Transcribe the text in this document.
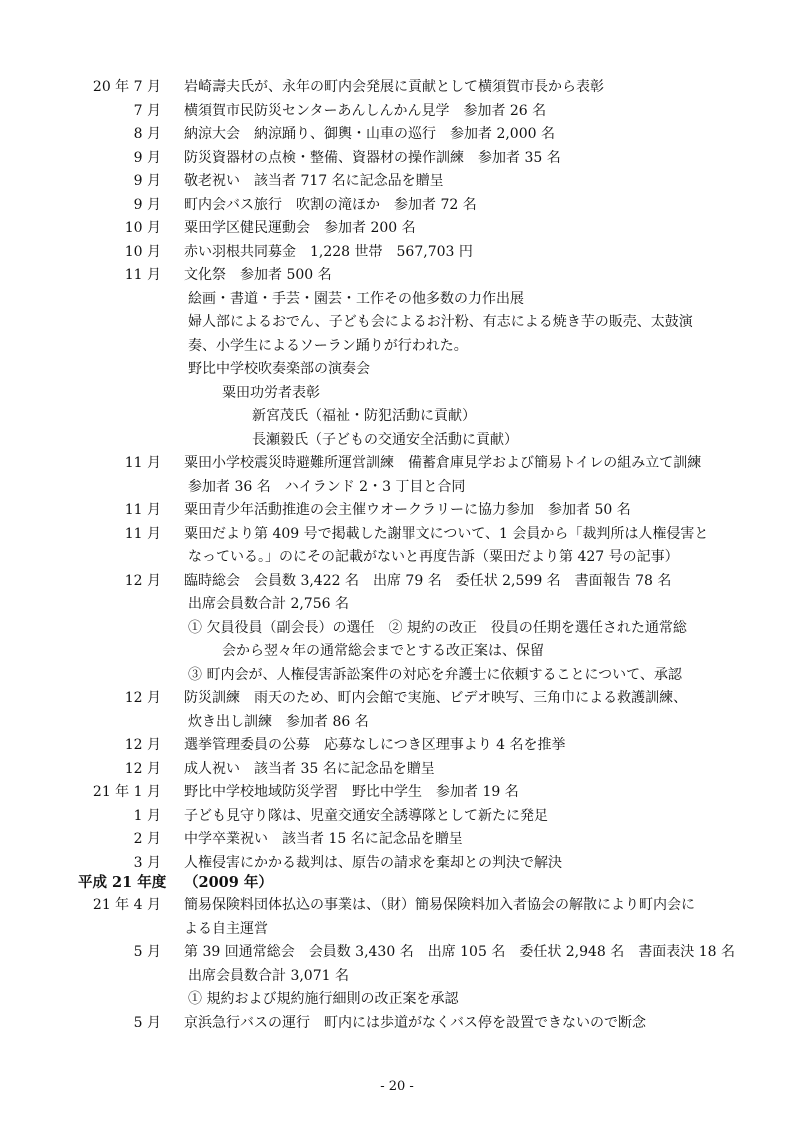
20 年 7 月 岩崎壽夫氏が、永年の町内会発展に貢献として横須賀市長から表彰
7 月 横須賀市民防災センターあんしんかん見学　参加者 26 名
8 月 納涼大会　納涼踊り、御輿・山車の巡行　参加者 2,000 名
9 月 防災資器材の点検・整備、資器材の操作訓練　参加者 35 名
9 月 敬老祝い　該当者 717 名に記念品を贈呈
9 月 町内会バス旅行　吹割の滝ほか　参加者 72 名
10 月 粟田学区健民運動会　参加者 200 名
10 月 赤い羽根共同募金　1,228 世帯　567,703 円
11 月 文化祭　参加者 500 名
絵画・書道・手芸・園芸・工作その他多数の力作出展
婦人部によるおでん、子ども会によるお汁粉、有志による焼き芋の販売、太鼓演
奏、小学生によるソーラン踊りが行われた。
野比中学校吹奏楽部の演奏会
粟田功労者表彰
新宮茂氏（福祉・防犯活動に貢献）
長瀬毅氏（子どもの交通安全活動に貢献）
11 月 粟田小学校震災時避難所運営訓練　備蓄倉庫見学および簡易トイレの組み立て訓練
参加者 36 名　ハイランド 2・3 丁目と合同
11 月 粟田青少年活動推進の会主催ウオークラリーに協力参加　参加者 50 名
11 月 粟田だより第 409 号で掲載した謝罪文について、1 会員から「裁判所は人権侵害と
なっている。」のにその記載がないと再度告訴（粟田だより第 427 号の記事）
12 月 臨時総会　会員数 3,422 名　出席 79 名　委任状 2,599 名　書面報告 78 名
出席会員数合計 2,756 名
① 欠員役員（副会長）の選任　② 規約の改正　役員の任期を選任された通常総
会から翌々年の通常総会までとする改正案は、保留
③ 町内会が、人権侵害訴訟案件の対応を弁護士に依頼することについて、承認
12 月 防災訓練　雨天のため、町内会館で実施、ビデオ映写、三角巾による救護訓練、
炊き出し訓練　参加者 86 名
12 月 選挙管理委員の公募　応募なしにつき区理事より 4 名を推挙
12 月 成人祝い　該当者 35 名に記念品を贈呈
21 年 1 月 野比中学校地域防災学習　野比中学生　参加者 19 名
1 月 子ども見守り隊は、児童交通安全誘導隊として新たに発足
2 月 中学卒業祝い　該当者 15 名に記念品を贈呈
3 月 人権侵害にかかる裁判は、原告の請求を棄却との判決で解決
平成 21 年度 （2009 年）
21 年 4 月 簡易保険料団体払込の事業は、（財）簡易保険料加入者協会の解散により町内会に
よる自主運営
5 月 第 39 回通常総会　会員数 3,430 名　出席 105 名　委任状 2,948 名　書面表決 18 名
出席会員数合計 3,071 名
① 規約および規約施行細則の改正案を承認
5 月 京浜急行バスの運行　町内には歩道がなくバス停を設置できないので断念
- 20 -
